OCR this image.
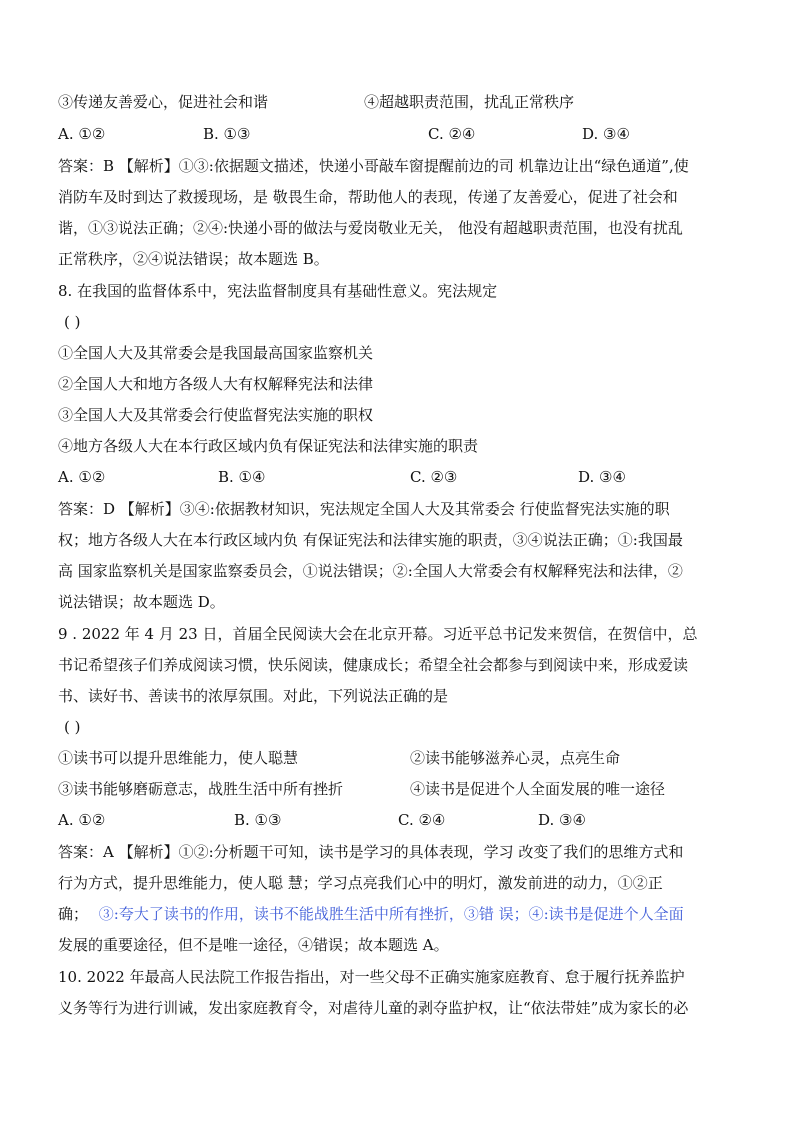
③传递友善爱心，促进社会和谐	④超越职责范围，扰乱正常秩序
A. ①②	B. ①③	C. ②④	D. ③④
答案：B 【解析】①③:依据题文描述，快递小哥敲车窗提醒前边的司 机靠边让出“绿色通道”,使
消防车及时到达了救援现场，是 敬畏生命，帮助他人的表现，传递了友善爱心，促进了社会和
谐，①③说法正确；②④:快递小哥的做法与爱岗敬业无关， 他没有超越职责范围，也没有扰乱
正常秩序，②④说法错误；故本题选 B。
8. 在我国的监督体系中，宪法监督制度具有基础性意义。宪法规定
( )
①全国人大及其常委会是我国最高国家监察机关
②全国人大和地方各级人大有权解释宪法和法律
③全国人大及其常委会行使监督宪法实施的职权
④地方各级人大在本行政区域内负有保证宪法和法律实施的职责
A. ①②	B. ①④	C. ②③	D. ③④
答案：D 【解析】③④:依据教材知识，宪法规定全国人大及其常委会 行使监督宪法实施的职
权；地方各级人大在本行政区域内负 有保证宪法和法律实施的职责，③④说法正确；①:我国最
高 国家监察机关是国家监察委员会，①说法错误；②:全国人大常委会有权解释宪法和法律，②
说法错误；故本题选 D。
9 . 2022 年 4 月 23 日，首届全民阅读大会在北京开幕。习近平总书记发来贺信，在贺信中，总
书记希望孩子们养成阅读习惯，快乐阅读，健康成长；希望全社会都参与到阅读中来，形成爱读
书、读好书、善读书的浓厚氛围。对此，下列说法正确的是
( )
①读书可以提升思维能力，使人聪慧	②读书能够滋养心灵，点亮生命
③读书能够磨砺意志，战胜生活中所有挫折	④读书是促进个人全面发展的唯一途径
A. ①②	B. ①③	C. ②④	D. ③④
答案：A 【解析】①②:分析题干可知，读书是学习的具体表现，学习 改变了我们的思维方式和
行为方式，提升思维能力，使人聪 慧；学习点亮我们心中的明灯，激发前进的动力，①②正
确； ③:夸大了读书的作用，读书不能战胜生活中所有挫折，③错 误；④:读书是促进个人全面
发展的重要途径，但不是唯一途径，④错误；故本题选 A。
10. 2022 年最高人民法院工作报告指出，对一些父母不正确实施家庭教育、怠于履行抚养监护
义务等行为进行训诫，发出家庭教育令，对虐待儿童的剥夺监护权，让“依法带娃”成为家长的必
